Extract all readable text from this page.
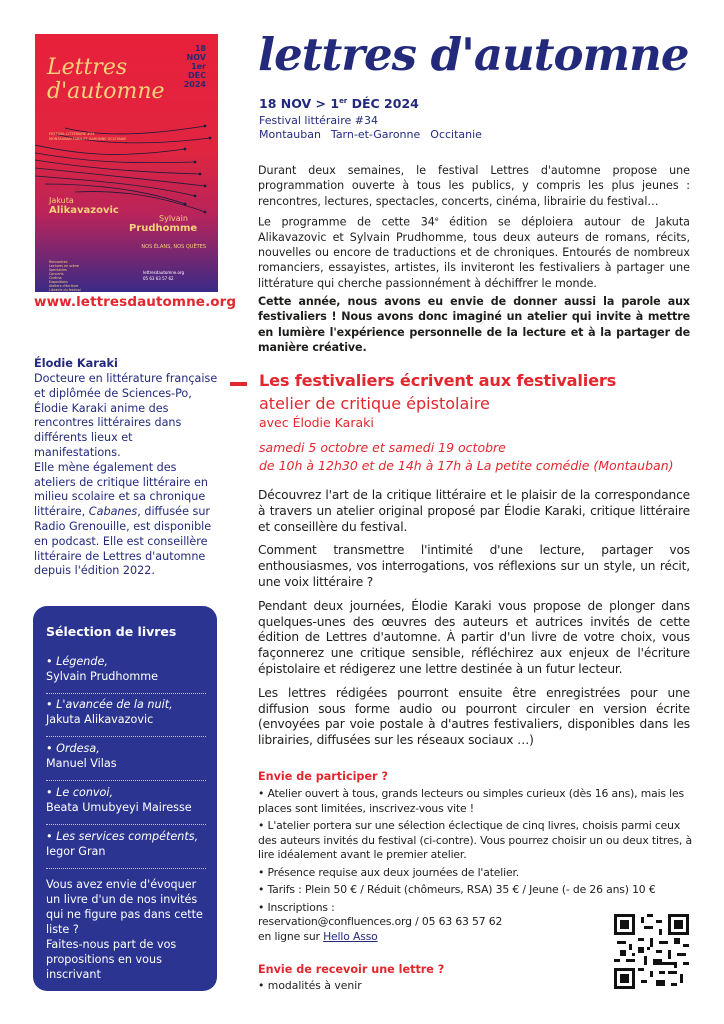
Lettres
d'automne
18
NOV
1er
DÉC
2024
FESTIVAL LITTÉRAIRE #34
MONTAUBAN TARN-ET-GARONNE OCCITANIE
Jakuta
Alikavazovic
Sylvain
Prudhomme
NOS ÉLANS, NOS QUÊTES
Rencontres
Lectures en scène
Spectacles
Concerts
Cinéma
Expositions
Ateliers d'écriture
Librairie du festival
lettresdautomne.org
05 63 63 57 62
www.lettresdautomne.org
lettres d'automne
18 NOV > 1er DÉC 2024
Festival littéraire #34
Montauban Tarn-et-Garonne Occitanie

Durant deux semaines, le festival Lettres d'automne propose une programmation ouverte à tous les publics, y compris les plus jeunes : rencontres, lectures, spectacles, concerts, cinéma, librairie du festival…

Le programme de cette 34e édition se déploiera autour de Jakuta Alikavazovic et Sylvain Prudhomme, tous deux auteurs de romans, récits, nouvelles ou encore de traductions et de chroniques. Entourés de nombreux romanciers, essayistes, artistes, ils inviteront les festivaliers à partager une littérature qui cherche passionnément à déchiffrer le monde.

Cette année, nous avons eu envie de donner aussi la parole aux festivaliers ! Nous avons donc imaginé un atelier qui invite à mettre en lumière l'expérience personnelle de la lecture et à la partager de manière créative.

Élodie Karaki

Docteure en littérature française et diplômée de Sciences-Po, Élodie Karaki anime des rencontres littéraires dans différents lieux et manifestations.

Elle mène également des ateliers de critique littéraire en milieu scolaire et sa chronique littéraire, Cabanes, diffusée sur Radio Grenouille, est disponible en podcast. Elle est conseillère littéraire de Lettres d'automne depuis l'édition 2022.

Sélection de livres
• Légende,
Sylvain Prudhomme
• L'avancée de la nuit,
Jakuta Alikavazovic
• Ordesa,
Manuel Vilas
• Le convoi,
Beata Umubyeyi Mairesse
• Les services compétents,
Iegor Gran

Vous avez envie d'évoquer un livre d'un de nos invités qui ne figure pas dans cette liste ?

Faites-nous part de vos propositions en vous inscrivant

Les festivaliers écrivent aux festivaliers
atelier de critique épistolaire
avec Élodie Karaki
samedi 5 octobre et samedi 19 octobre
de 10h à 12h30 et de 14h à 17h à La petite comédie (Montauban)

Découvrez l'art de la critique littéraire et le plaisir de la correspondance à travers un atelier original proposé par Élodie Karaki, critique littéraire et conseillère du festival.

Comment transmettre l'intimité d'une lecture, partager vos enthousiasmes, vos interrogations, vos réflexions sur un style, un récit, une voix littéraire ?

Pendant deux journées, Élodie Karaki vous propose de plonger dans quelques-unes des œuvres des auteurs et autrices invités de cette édition de Lettres d'automne. À partir d'un livre de votre choix, vous façonnerez une critique sensible, réfléchirez aux enjeux de l'écriture épistolaire et rédigerez une lettre destinée à un futur lecteur.

Les lettres rédigées pourront ensuite être enregistrées pour une diffusion sous forme audio ou pourront circuler en version écrite (envoyées par voie postale à d'autres festivaliers, disponibles dans les librairies, diffusées sur les réseaux sociaux …)

Envie de participer ?

• Atelier ouvert à tous, grands lecteurs ou simples curieux (dès 16 ans), mais les places sont limitées, inscrivez-vous vite !

• L'atelier portera sur une sélection éclectique de cinq livres, choisis parmi ceux des auteurs invités du festival (ci-contre). Vous pourrez choisir un ou deux titres, à lire idéalement avant le premier atelier.

• Présence requise aux deux journées de l'atelier.

• Tarifs : Plein 50 € / Réduit (chômeurs, RSA) 35 € / Jeune (- de 26 ans) 10 €

• Inscriptions :
reservation@confluences.org / 05 63 63 57 62
en ligne sur Hello Asso
Envie de recevoir une lettre ?
• modalités à venir
